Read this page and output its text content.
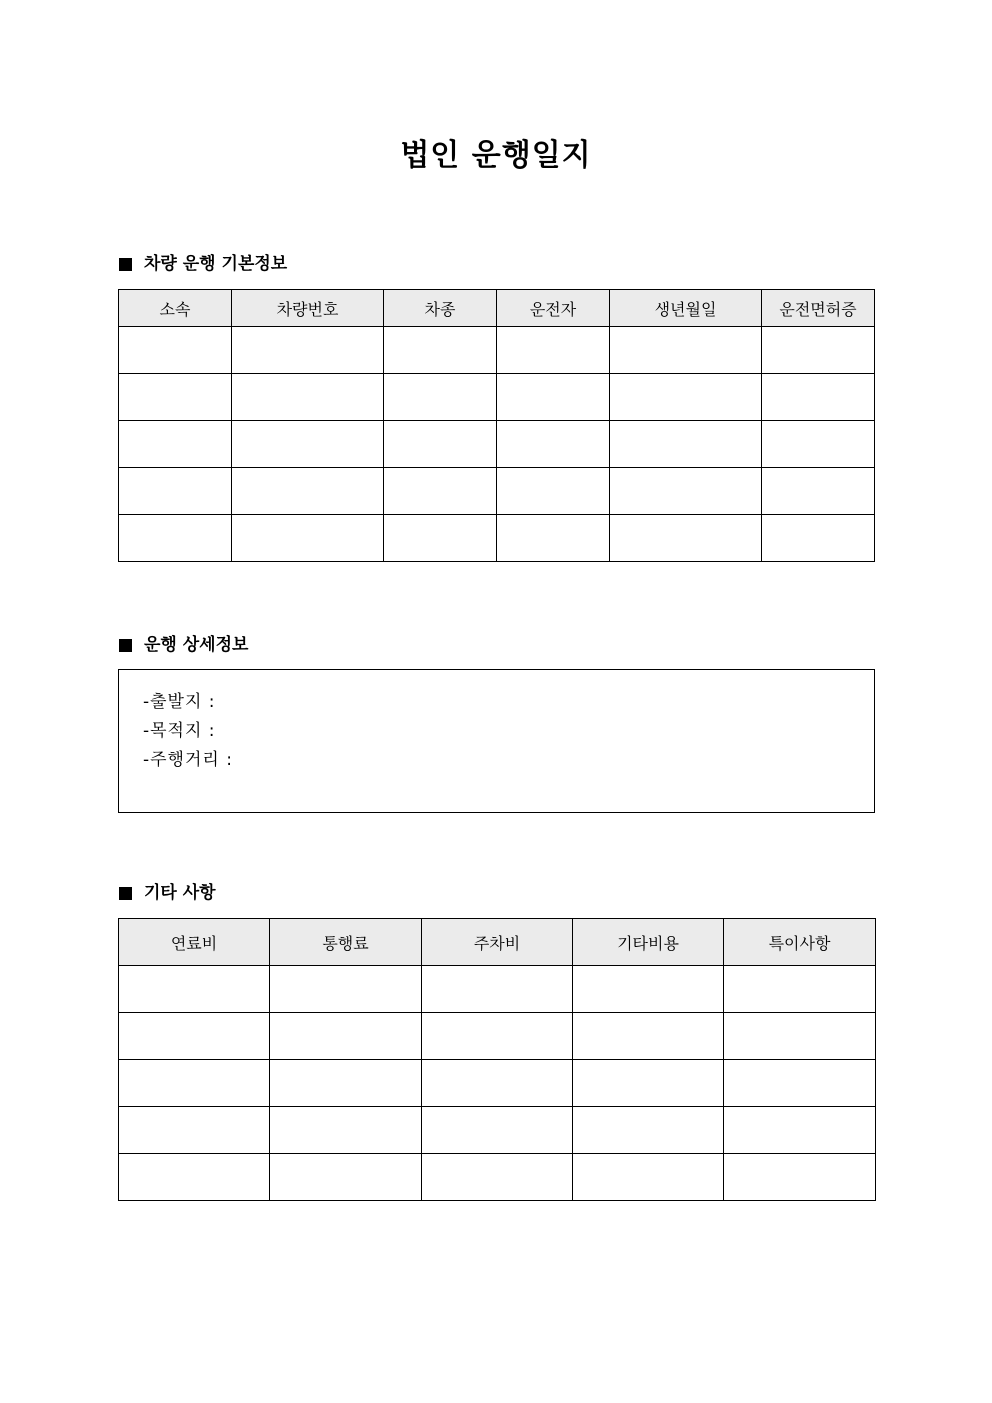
법인 운행일지
차량 운행 기본정보
소속	차량번호	차종	운전자	생년월일	운전면허증

운행 상세정보
-출발지 :
-목적지 :
-주행거리 :
기타 사항
연료비	통행료	주차비	기타비용	특이사항
